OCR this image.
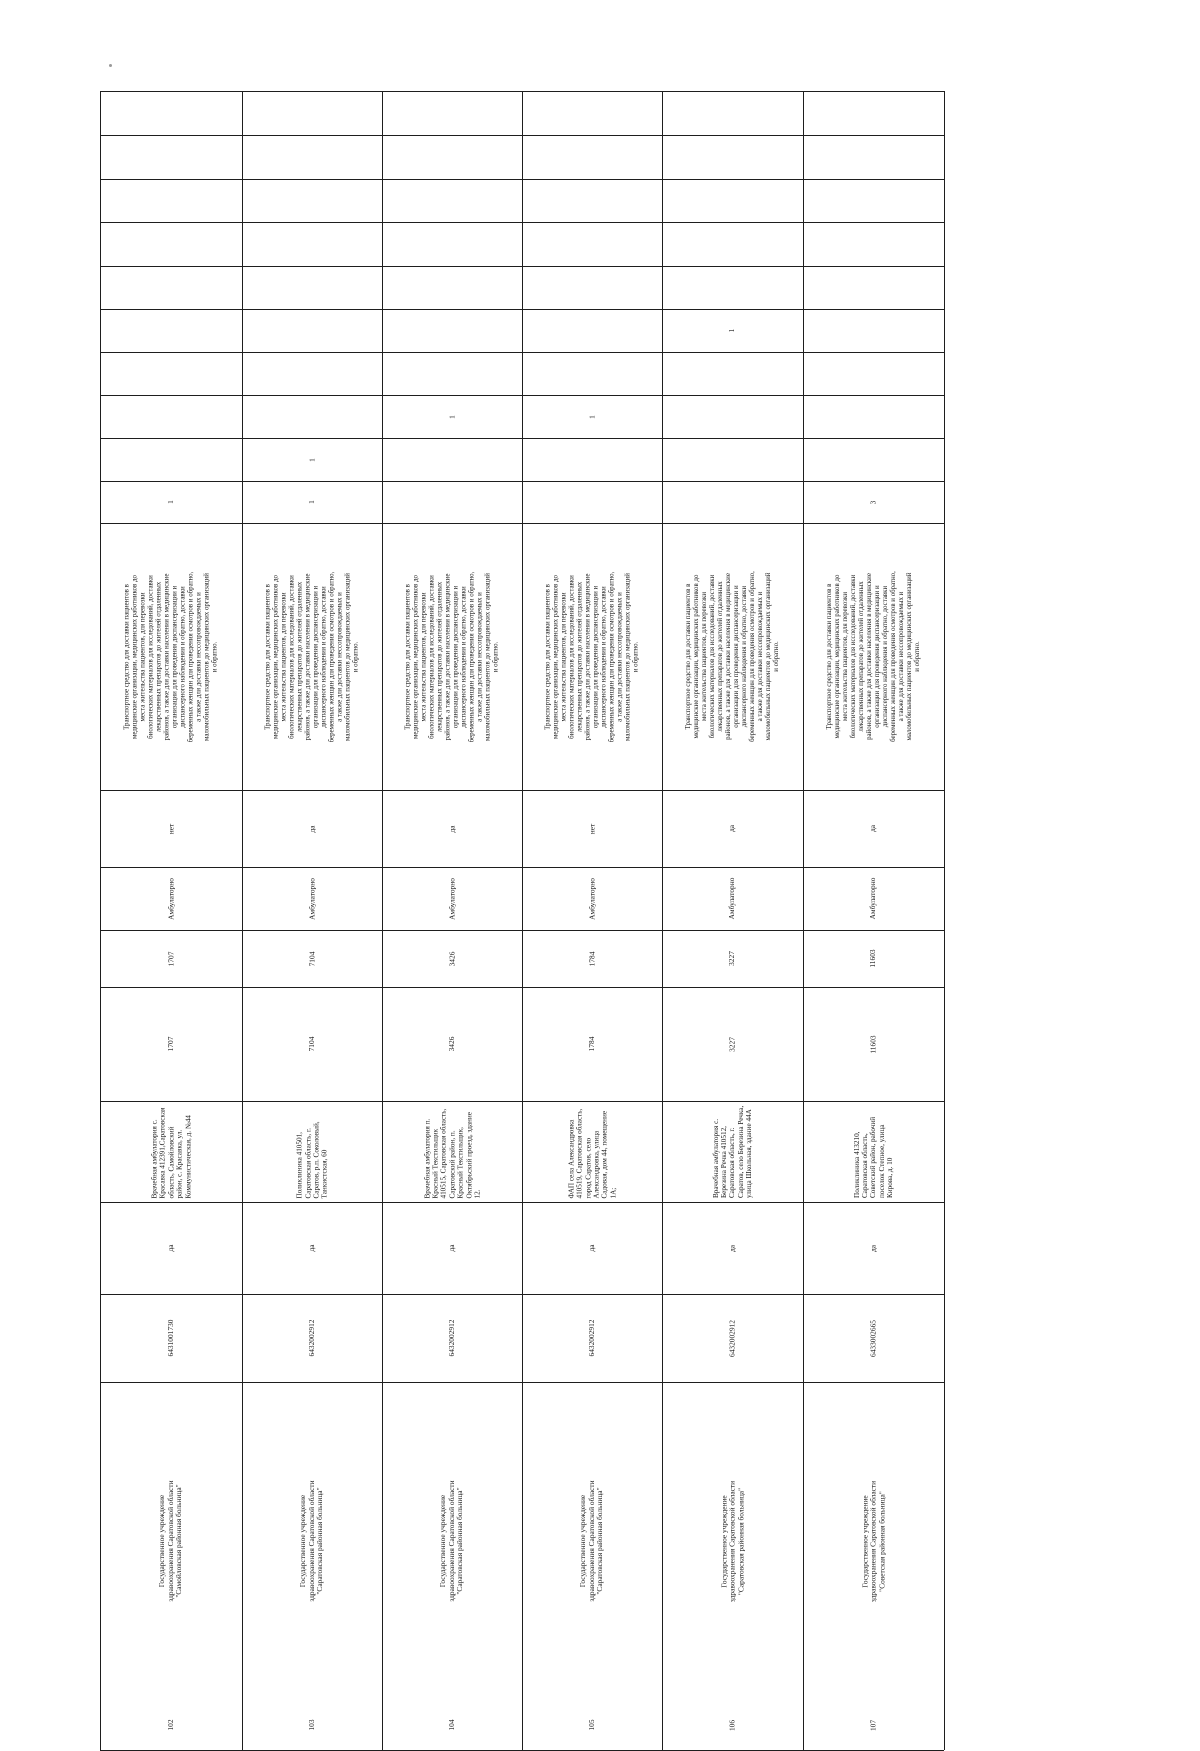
102
Государственное учреждение
здравоохранения Саратовской области
"Самойловская районная больница"
6431001730
да
Врачебная амбулатория с.
Красавка 412391,Саратовская
область, Самойловский
район, с. Красавка, ул.
Коммунистическая, д. №44
1707
1707
Амбулаторно
нет
Транспортное средство для доставки пациентов в
медицинские организации, медицинских работников до
места жительства пациентов, для перевозки
биологических материалов для исследований, доставки
лекарственных препаратов до жителей отдаленных
районов, а также для доставки населения в медицинские
организации для проведения диспансеризации и
диспансерного наблюдения и обратно, доставки
беременных женщин для проведения осмотров и обратно,
а также для доставки нессопровождаемых и
маломобильных пациентов до медицинских организаций
и обратно.
1
103
Государственное учреждение
здравоохранения Саратовской области
"Саратовская районная больница"
6432002912
да
Поликлиника 410501,
Саратовская область, г.
Саратов, р.п. Соколовый,
Танкистская, 60
7104
7104
Амбулаторно
да
Транспортное средство для доставки пациентов в
медицинские организации, медицинских работников до
места жительства пациентов, для перевозки
биологических материалов для исследований, доставки
лекарственных препаратов до жителей отдаленных
районов, а также для доставки населения в медицинские
организации для проведения диспансеризации и
диспансерного наблюдения и обратно, доставки
беременных женщин для проведения осмотров и обратно,
а также для доставки нессопровождаемых и
маломобильных пациентов до медицинских организаций
и обратно.
1
1
104
Государственное учреждение
здравоохранения Саратовской области
"Саратовская районная больница"
6432002912
да
Врачебная амбулатория п.
Красный Текстильщик
410515, Саратовская область,
Саратовский район, п.
Красный Текстильщик,
Октябрьский проезд, здание
12.
3426
3426
Амбулаторно
да
Транспортное средство для доставки пациентов в
медицинские организации, медицинских работников до
места жительства пациентов, для перевозки
биологических материалов для исследований, доставки
лекарственных препаратов до жителей отдаленных
районов, а также для доставки населения в медицинские
организации для проведения диспансеризации и
диспансерного наблюдения и обратно, доставки
беременных женщин для проведения осмотров и обратно,
а также для доставки нессопровождаемых и
маломобильных пациентов до медицинских организаций
и обратно.
1
105
Государственное учреждение
здравоохранения Саратовской области
"Саратовская районная больница"
6432002912
да
ФАП села Александровка
410519, Саратовская область,
город Саратов, село
Александровка, улица
Садовая, дом 44, помещение
1А;
1784
1784
Амбулаторно
нет
Транспортное средство для доставки пациентов в
медицинские организации, медицинских работников до
места жительства пациентов, для перевозки
биологических материалов для исследований, доставки
лекарственных препаратов до жителей отдаленных
районов, а также для доставки населения в медицинские
организации для проведения диспансеризации и
диспансерного наблюдения и обратно, доставки
беременных женщин для проведения осмотров и обратно,
а также для доставки нессопровождаемых и
маломобильных пациентов до медицинских организаций
и обратно.
1
106
Государственное учреждение
здравоохранения Саратовской области
"Саратовская районная больница"
6432002912
да
Врачебная амбулатория с.
Березина Речка 410512,
Саратовская область, г.
Саратов, село Березина Речка,
улица Школьная, здание 44А
3227
3227
Амбулаторно
да
Транспортное средство для доставки пациентов в
медицинские организации, медицинских работников до
места жительства пациентов, для перевозки
биологических материалов для исследований, доставки
лекарственных препаратов до жителей отдаленных
районов, а также для доставки населения в медицинские
организации для проведения диспансеризации и
диспансерного наблюдения и обратно, доставки
беременных женщин для проведения осмотров и обратно,
а также для доставки нессопровождаемых и
маломобильных пациентов до медицинских организаций
и обратно.
1
107
Государственное учреждение
здравоохранения Саратовской области
"Советская районная больница"
6433002665
да
Поликлиника 413210,
Саратовская область,
Советский район, рабочий
поселок Степное, улица
Кирова, д. 10
11603
11603
Амбулаторно
да
Транспортное средство для доставки пациентов в
медицинские организации, медицинских работников до
места жительства пациентов, для перевозки
биологических материалов для исследований, доставки
лекарственных препаратов до жителей отдаленных
районов, а также для доставки населения в медицинские
организации для проведения диспансеризации и
диспансерного наблюдения и обратно, доставки
беременных женщин для проведения осмотров и обратно,
а также для доставки нессопровождаемых и
маломобильных пациентов до медицинских организаций
и обратно.
3
